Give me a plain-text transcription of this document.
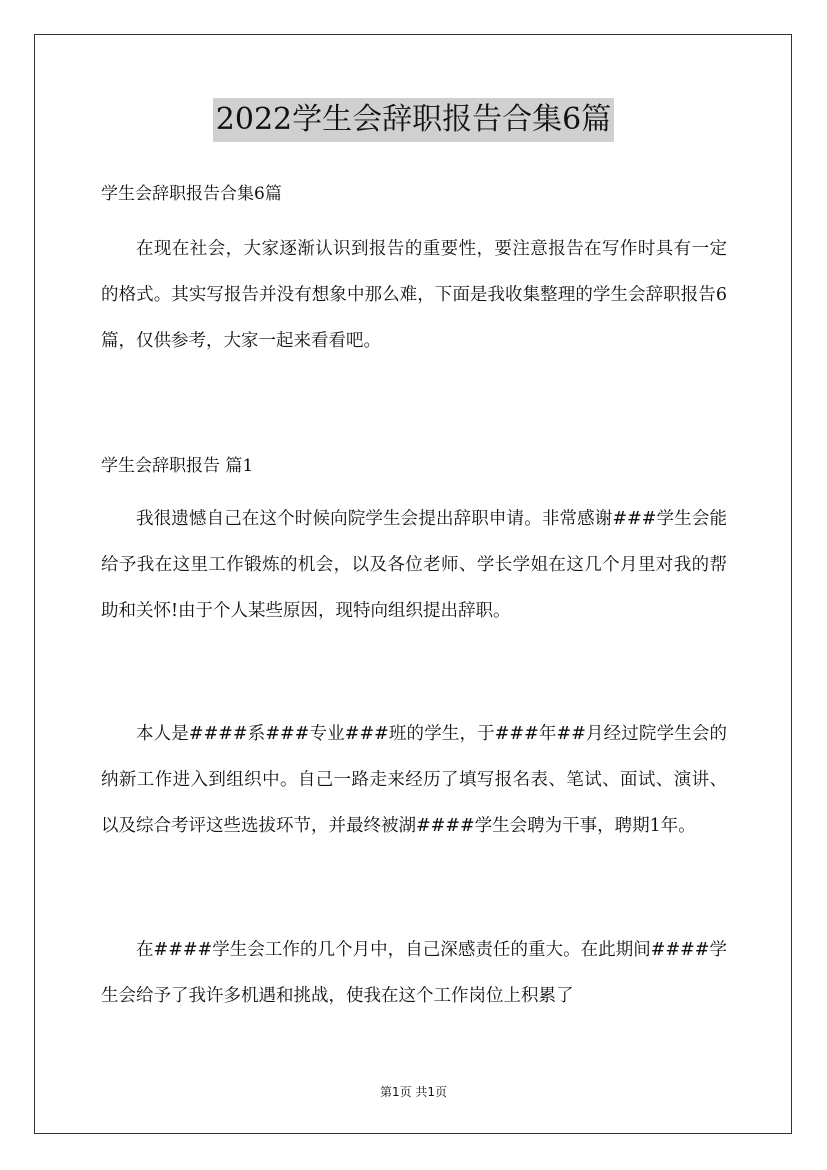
2022学生会辞职报告合集6篇
学生会辞职报告合集6篇

在现在社会，大家逐渐认识到报告的重要性，要注意报告在写作时具有一定的格式。其实写报告并没有想象中那么难，下面是我收集整理的学生会辞职报告6篇，仅供参考，大家一起来看看吧。

学生会辞职报告 篇1

我很遗憾自己在这个时候向院学生会提出辞职申请。非常感谢###学生会能给予我在这里工作锻炼的机会，以及各位老师、学长学姐在这几个月里对我的帮助和关怀!由于个人某些原因，现特向组织提出辞职。

本人是####系###专业###班的学生，于###年##月经过院学生会的纳新工作进入到组织中。自己一路走来经历了填写报名表、笔试、面试、演讲、以及综合考评这些选拔环节，并最终被湖####学生会聘为干事，聘期1年。

在####学生会工作的几个月中，自己深感责任的重大。在此期间####学生会给予了我许多机遇和挑战，使我在这个工作岗位上积累了

第1页 共1页
